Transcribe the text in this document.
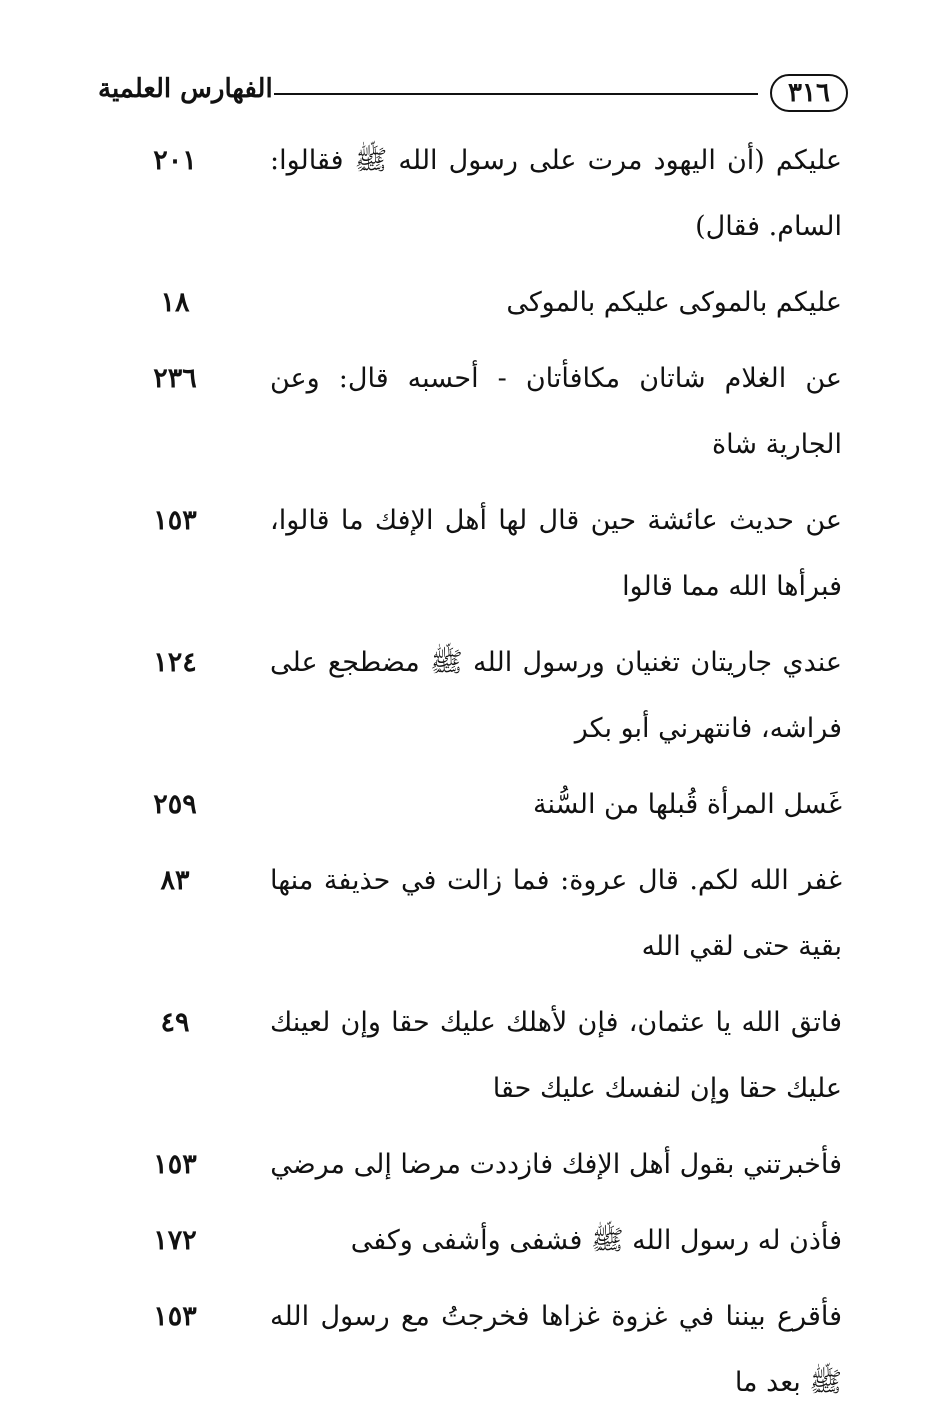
٣١٦
الفهارس العلمية
عليكم (أن اليهود مرت على رسول الله ﷺ فقالوا: السام. فقال)
٢٠١
عليكم بالموكى عليكم بالموكى
١٨
عن الغلام شاتان مكافأتان - أحسبه قال: وعن الجارية شاة
٢٣٦
عن حديث عائشة حين قال لها أهل الإفك ما قالوا، فبرأها الله مما قالوا
١٥٣
عندي جاريتان تغنيان ورسول الله ﷺ مضطجع على فراشه، فانتهرني أبو بكر
١٢٤
غَسل المرأة قُبلها من السُّنة
٢٥٩
غفر الله لكم. قال عروة: فما زالت في حذيفة منها بقية حتى لقي الله
٨٣
فاتق الله يا عثمان، فإن لأهلك عليك حقا وإن لعينك عليك حقا وإن لنفسك عليك حقا
٤٩
فأخبرتني بقول أهل الإفك فازددت مرضا إلى مرضي
١٥٣
فأذن له رسول الله ﷺ فشفى وأشفى وكفى
١٧٢
فأقرع بيننا في غزوة غزاها فخرجتُ مع رسول الله ﷺ بعد ما
١٥٣
